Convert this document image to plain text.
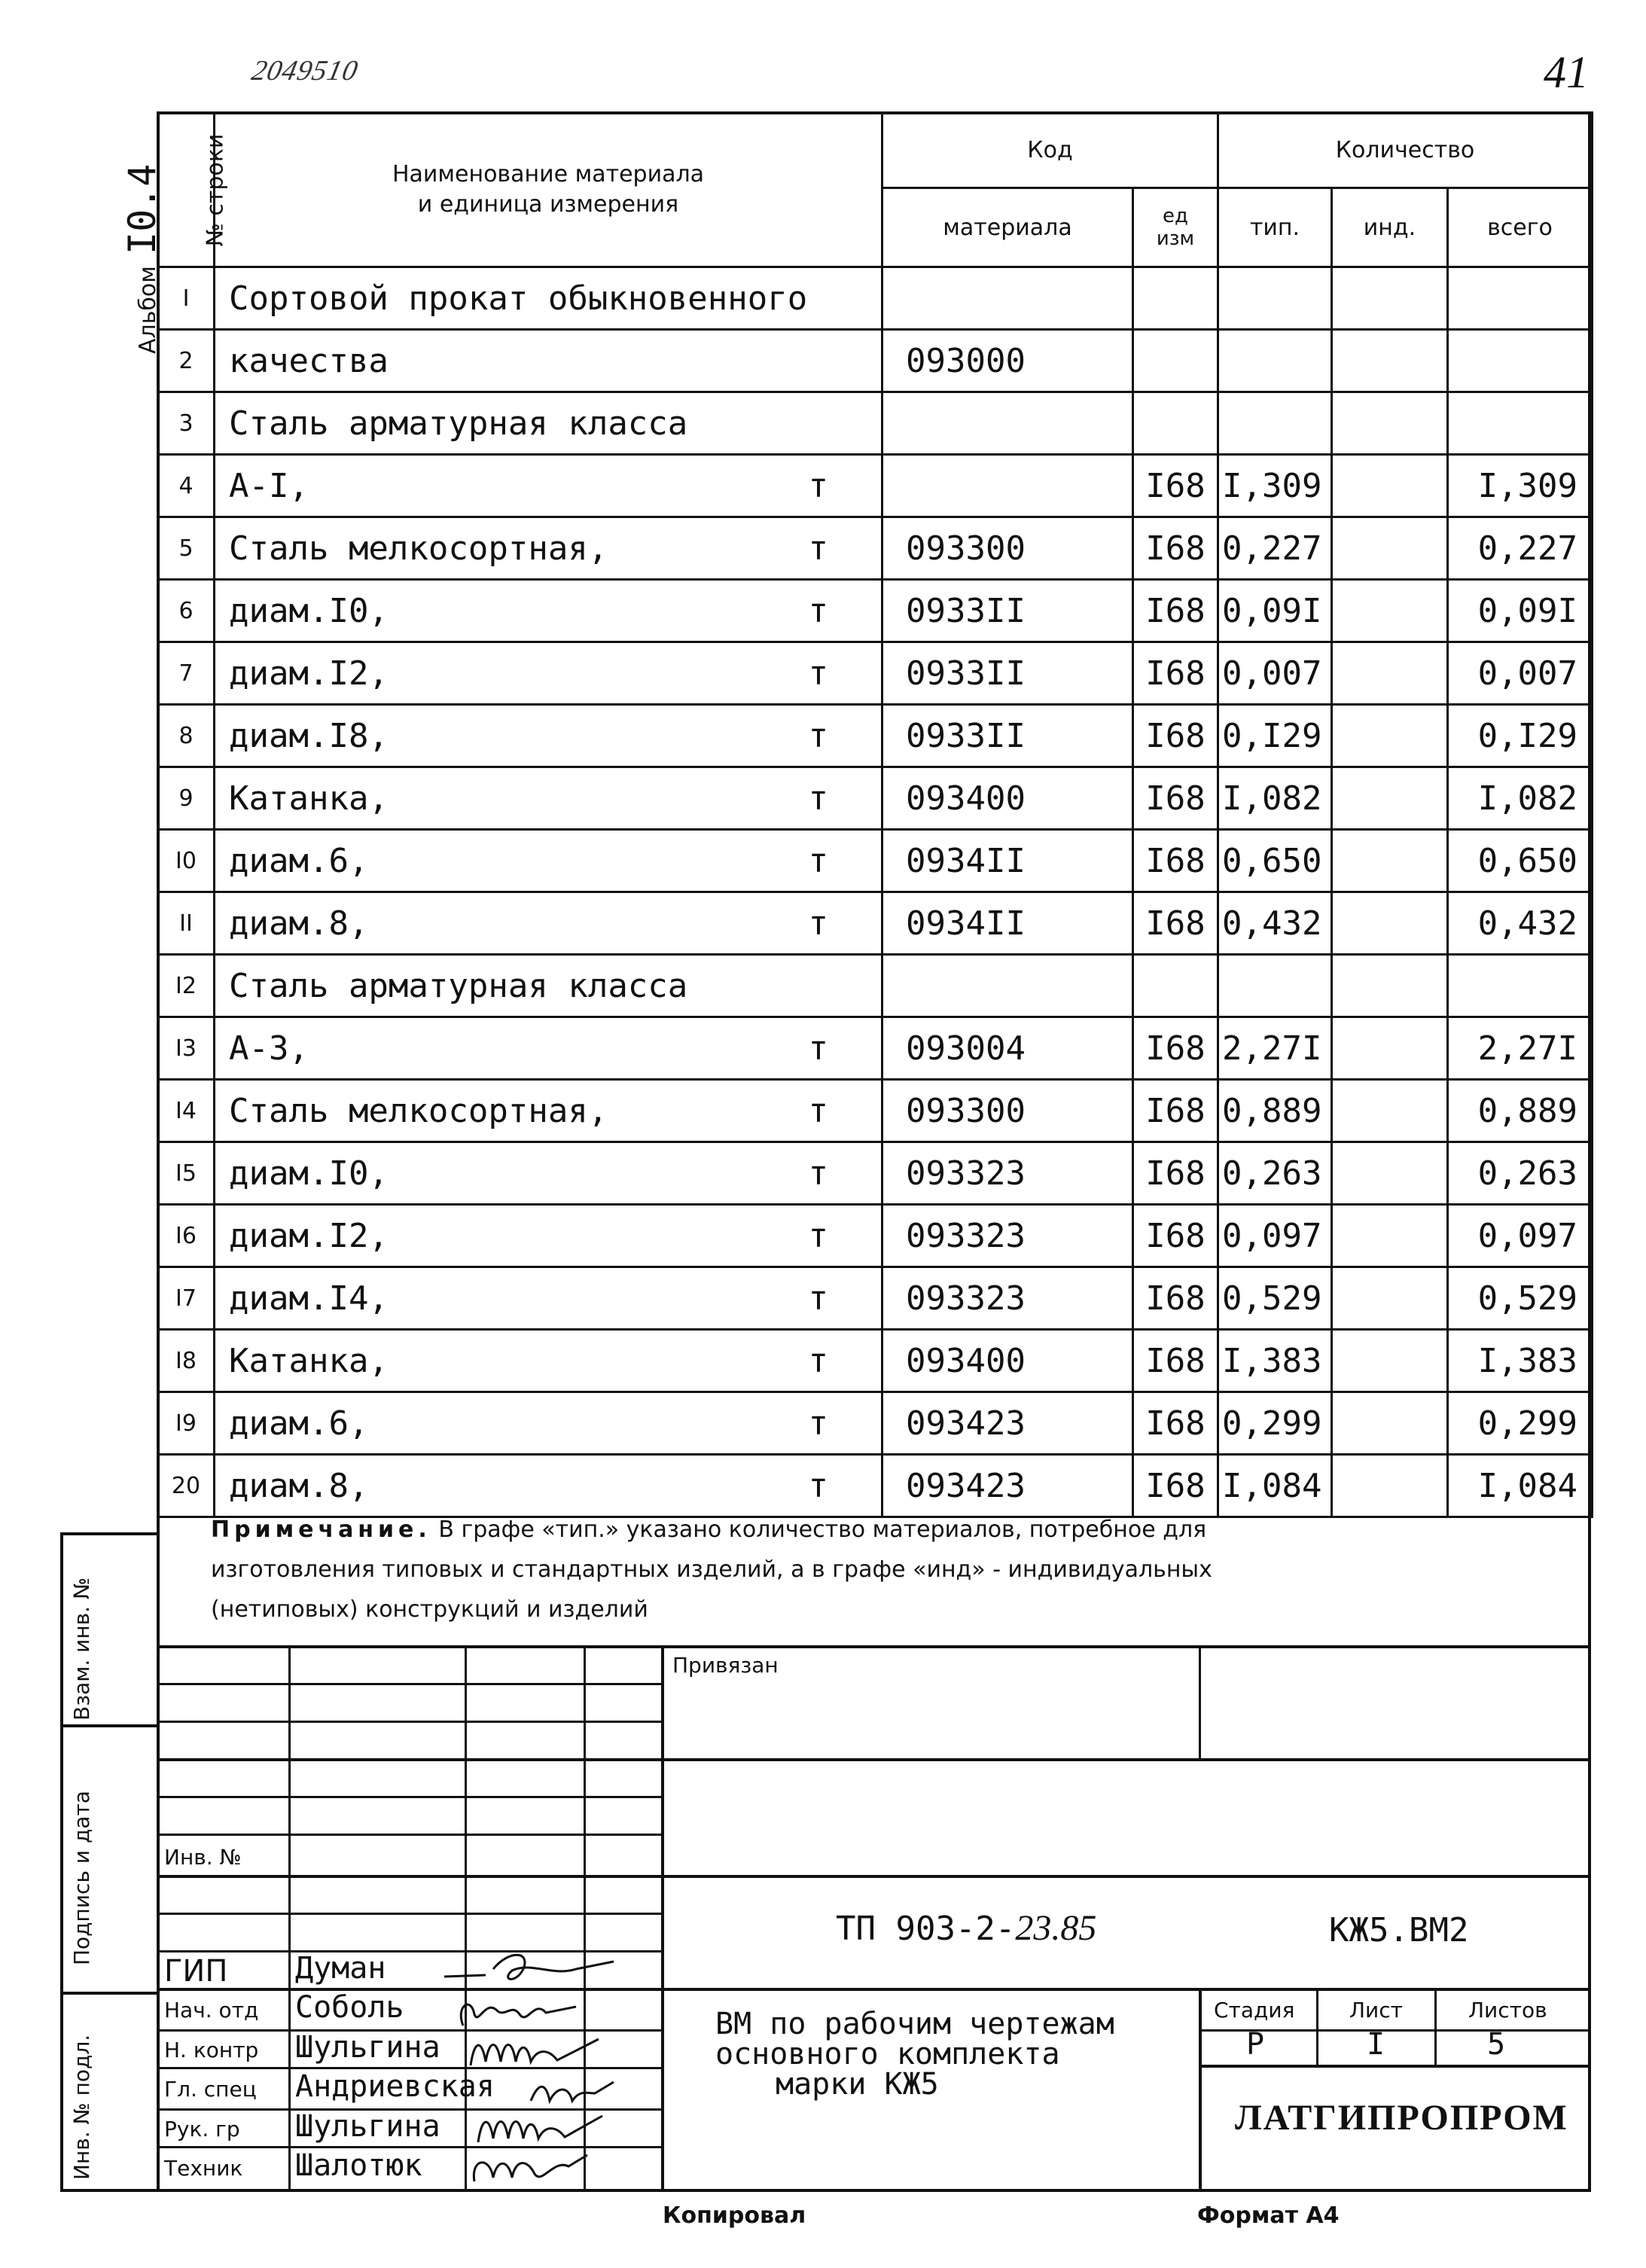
2049510	41
Альбом I0.4 № строки	Наименование материала
и единица измерения	Код		Количество		
		материала	ед
изм	тип.	инд.	всего
I	Сортовой прокат обыкновенного

2	качества	093000				
3	Сталь арматурная класса

4	А-I, т		I68	I,309		I,309
5	Сталь мелкосортная, т	093300	I68	0,227		0,227
6	диам.I0, т	0933II	I68	0,09I		0,09I
7	диам.I2, т	0933II	I68	0,007		0,007
8	диам.I8, т	0933II	I68	0,I29		0,I29
9	Катанка, т	093400	I68	I,082		I,082
I0	диам.6, т	0934II	I68	0,650		0,650
II	диам.8, т	0934II	I68	0,432		0,432
I2	Сталь арматурная класса

I3	А-3, т	093004	I68	2,27I		2,27I
I4	Сталь мелкосортная, т	093300	I68	0,889		0,889
I5	диам.I0, т	093323	I68	0,263		0,263
I6	диам.I2, т	093323	I68	0,097		0,097
I7	диам.I4, т	093323	I68	0,529		0,529
I8	Катанка, т	093400	I68	I,383		I,383
I9	диам.6, т	093423	I68	0,299		0,299
20	диам.8, т	093423	I68	I,084		I,084
Примечание. В графе «тип.» указано количество материалов, потребное для
изготовления типовых и стандартных изделий, а в графе «инд» - индивидуальных
(нетиповых) конструкций и изделий
Взам. инв. №
Подпись и дата
Инв. № подл.
Привязан
Инв. №
ТП 903-2-23.85	КЖ5.ВМ2
ВМ по рабочим чертежам
основного комплекта
марки КЖ5
Стадия	Лист	Листов
Р	I	5
ЛАТГИПРОПРОМ
ГИП Думан
Нач. отд Соболь
Н. контр Шульгина
Гл. спец Андриевская
Рук. гр Шульгина
Техник Шалотюк
Копировал	Формат А4
